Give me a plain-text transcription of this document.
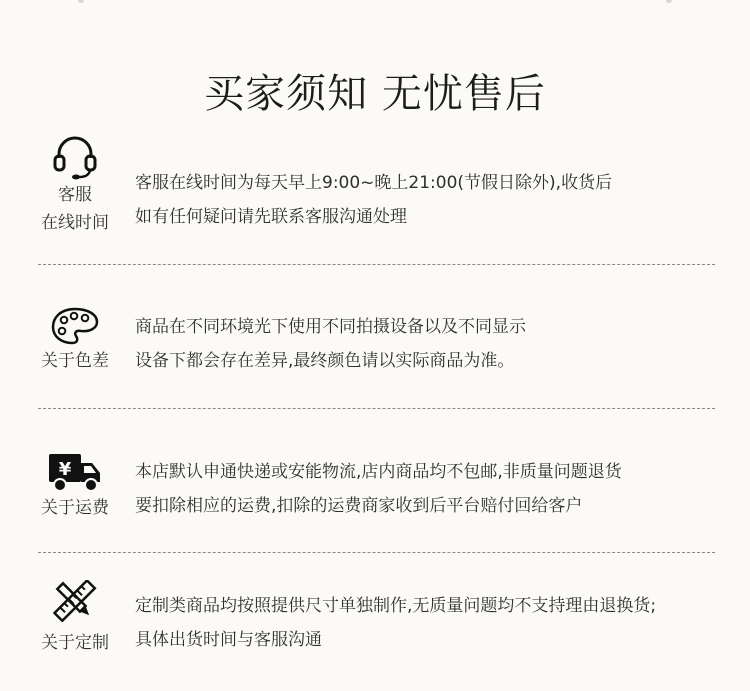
买家须知 无忧售后
客服
在线时间
客服在线时间为每天早上9:00~晚上21:00(节假日除外),收货后
如有任何疑问请先联系客服沟通处理
关于色差
商品在不同环境光下使用不同拍摄设备以及不同显示
设备下都会存在差异,最终颜色请以实际商品为准。
¥
关于运费
本店默认申通快递或安能物流,店内商品均不包邮,非质量问题退货
要扣除相应的运费,扣除的运费商家收到后平台赔付回给客户
关于定制
定制类商品均按照提供尺寸单独制作,无质量问题均不支持理由退换货;
具体出货时间与客服沟通
